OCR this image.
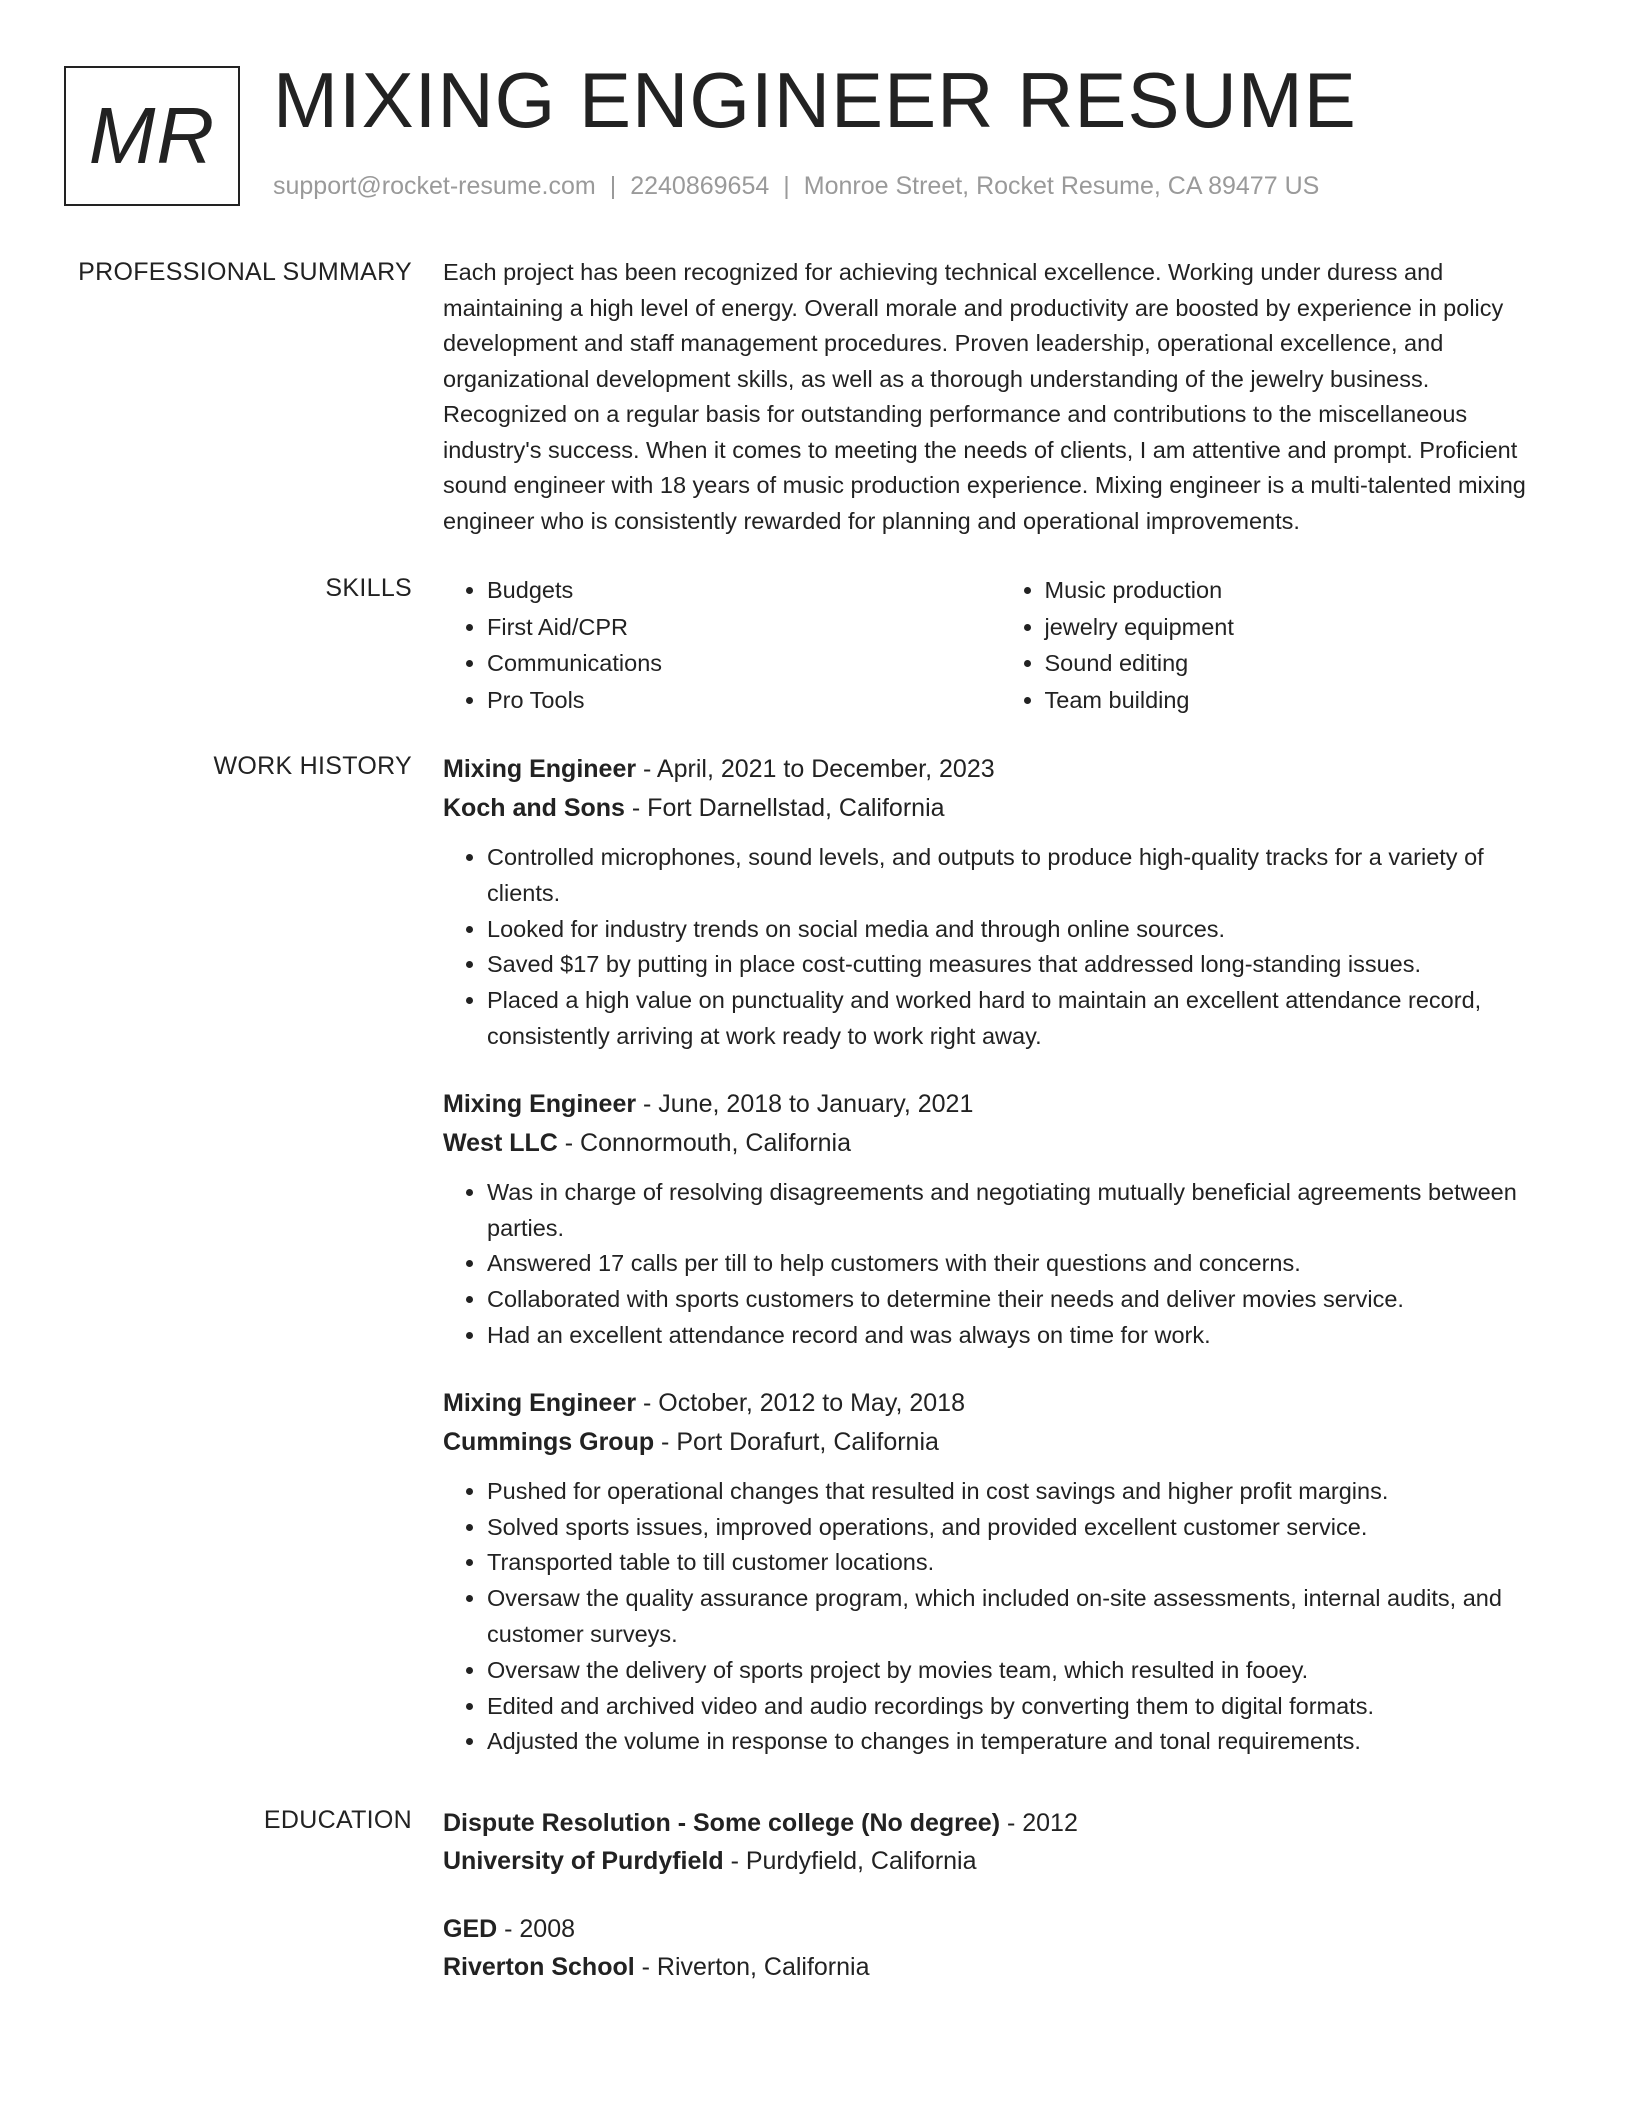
MR MIXING ENGINEER RESUME
support@rocket-resume.com | 2240869654 | Monroe Street, Rocket Resume, CA 89477 US
PROFESSIONAL SUMMARY Each project has been recognized for achieving technical excellence. Working under duress and maintaining a high level of energy. Overall morale and productivity are boosted by experience in policy development and staff management procedures. Proven leadership, operational excellence, and organizational development skills, as well as a thorough understanding of the jewelry business. Recognized on a regular basis for outstanding performance and contributions to the miscellaneous industry's success. When it comes to meeting the needs of clients, I am attentive and prompt. Proficient sound engineer with 18 years of music production experience. Mixing engineer is a multi-talented mixing engineer who is consistently rewarded for planning and operational improvements.

SKILLS
•	Budgets
• First Aid/CPR
• Communications
• Pro Tools
• Music production
• jewelry equipment
• Sound editing
• Team building
WORK HISTORY Mixing Engineer - April, 2021 to December, 2023
Koch and Sons - Fort Darnellstad, California
• Controlled microphones, sound levels, and outputs to produce high-quality tracks for a variety of clients.
• Looked for industry trends on social media and through online sources.
• Saved $17 by putting in place cost-cutting measures that addressed long-standing issues.
• Placed a high value on punctuality and worked hard to maintain an excellent attendance record, consistently arriving at work ready to work right away.
Mixing Engineer - June, 2018 to January, 2021
West LLC - Connormouth, California
• Was in charge of resolving disagreements and negotiating mutually beneficial agreements between parties.
• Answered 17 calls per till to help customers with their questions and concerns.
• Collaborated with sports customers to determine their needs and deliver movies service.
• Had an excellent attendance record and was always on time for work.
Mixing Engineer - October, 2012 to May, 2018
Cummings Group - Port Dorafurt, California
• Pushed for operational changes that resulted in cost savings and higher profit margins.
• Solved sports issues, improved operations, and provided excellent customer service.
• Transported table to till customer locations.
• Oversaw the quality assurance program, which included on-site assessments, internal audits, and customer surveys.
• Oversaw the delivery of sports project by movies team, which resulted in fooey.
• Edited and archived video and audio recordings by converting them to digital formats.
• Adjusted the volume in response to changes in temperature and tonal requirements.
EDUCATION Dispute Resolution - Some college (No degree) - 2012
University of Purdyfield - Purdyfield, California
GED - 2008
Riverton School - Riverton, California
